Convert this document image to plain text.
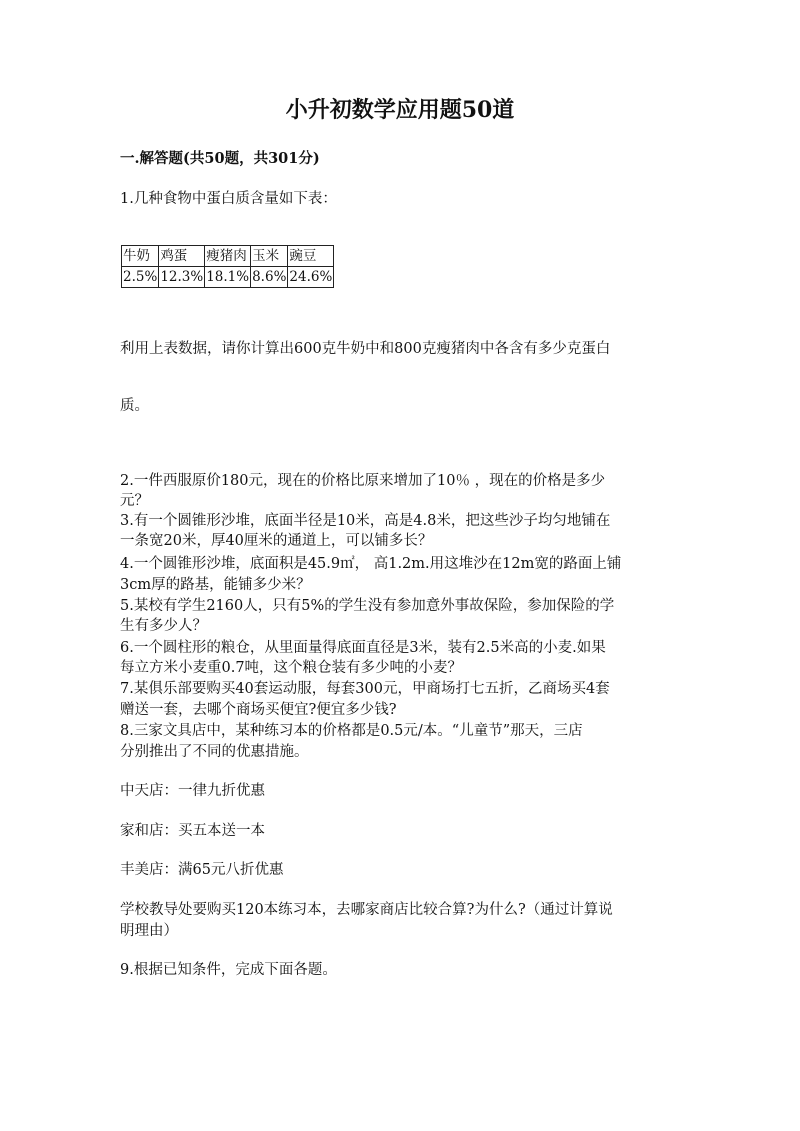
小升初数学应用题50道
一.解答题(共50题，共301分)
1.几种食物中蛋白质含量如下表：
牛奶	鸡蛋	瘦猪肉	玉米	豌豆
2.5%	12.3%	18.1%	8.6%	24.6%
利用上表数据，请你计算出600克牛奶中和800克瘦猪肉中各含有多少克蛋白
质。
2.一件西服原价180元，现在的价格比原来增加了10％ ，现在的价格是多少
元？
3.有一个圆锥形沙堆，底面半径是10米，高是4.8米，把这些沙子均匀地铺在
一条宽20米，厚40厘米的通道上，可以铺多长？
4.一个圆锥形沙堆，底面积是45.9㎡， 高1.2m.用这堆沙在12m宽的路面上铺
3cm厚的路基，能铺多少米？
5.某校有学生2160人，只有5%的学生没有参加意外事故保险，参加保险的学
生有多少人？
6.一个圆柱形的粮仓，从里面量得底面直径是3米，装有2.5米高的小麦.如果
每立方米小麦重0.7吨，这个粮仓装有多少吨的小麦？
7.某俱乐部要购买40套运动服，每套300元，甲商场打七五折，乙商场买4套
赠送一套，去哪个商场买便宜?便宜多少钱?
8.三家文具店中，某种练习本的价格都是0.5元/本。“儿童节”那天，三店
分别推出了不同的优惠措施。
中天店：一律九折优惠
家和店：买五本送一本
丰美店：满65元八折优惠
学校教导处要购买120本练习本，去哪家商店比较合算?为什么?（通过计算说
明理由）
9.根据已知条件，完成下面各题。
